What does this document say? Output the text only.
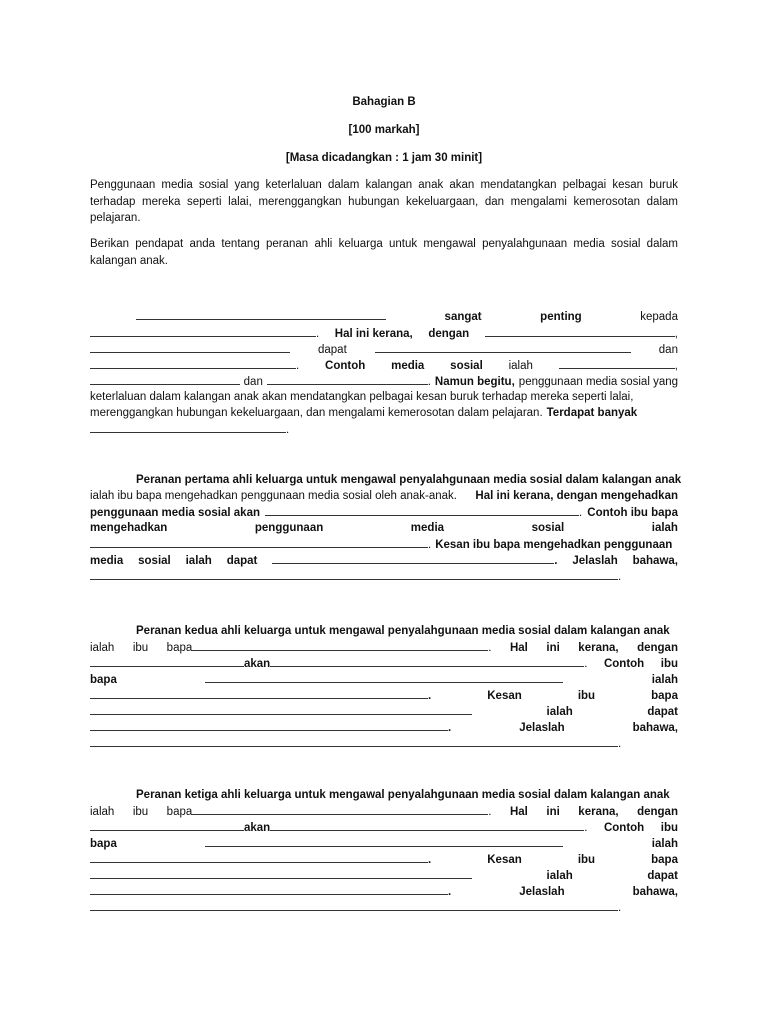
Bahagian B
[100 markah]
[Masa dicadangkan : 1 jam 30 minit]
Penggunaan media sosial yang keterlaluan dalam kalangan anak akan mendatangkan pelbagai kesan buruk terhadap mereka seperti lalai, merenggangkan hubungan kekeluargaan, dan mengalami kemerosotan dalam pelajaran.
Berikan pendapat anda tentang peranan ahli keluarga untuk mengawal penyalahgunaan media sosial dalam kalangan anak.
sangat	penting	kepada
. Hal ini kerana, dengan	,
dapat	dan
. Contoh media sosial ialah	,
dan	. Namun begitu, penggunaan media sosial yang
keterlaluan dalam kalangan anak akan mendatangkan pelbagai kesan buruk terhadap mereka seperti lalai,
merenggangkan hubungan kekeluargaan, dan mengalami kemerosotan dalam pelajaran. Terdapat banyak
.
Peranan pertama ahli keluarga untuk mengawal penyalahgunaan media sosial dalam kalangan anak
ialah ibu bapa mengehadkan penggunaan media sosial oleh anak-anak. Hal ini kerana, dengan mengehadkan
penggunaan media sosial akan	. Contoh ibu bapa
mengehadkan	penggunaan	media	sosial	ialah
. Kesan ibu bapa mengehadkan penggunaan
media sosial ialah dapat	. Jelaslah bahawa,
.
Peranan kedua ahli keluarga untuk mengawal penyalahgunaan media sosial dalam kalangan anak
ialah ibu bapa	. Hal ini kerana, dengan
akan	. Contoh ibu
bapa	ialah
.	Kesan	ibu	bapa
ialah	dapat
.	Jelaslah	bahawa,
.
Peranan ketiga ahli keluarga untuk mengawal penyalahgunaan media sosial dalam kalangan anak
ialah ibu bapa	. Hal ini kerana, dengan
akan	. Contoh ibu
bapa	ialah
.	Kesan	ibu	bapa
ialah	dapat
.	Jelaslah	bahawa,
.
